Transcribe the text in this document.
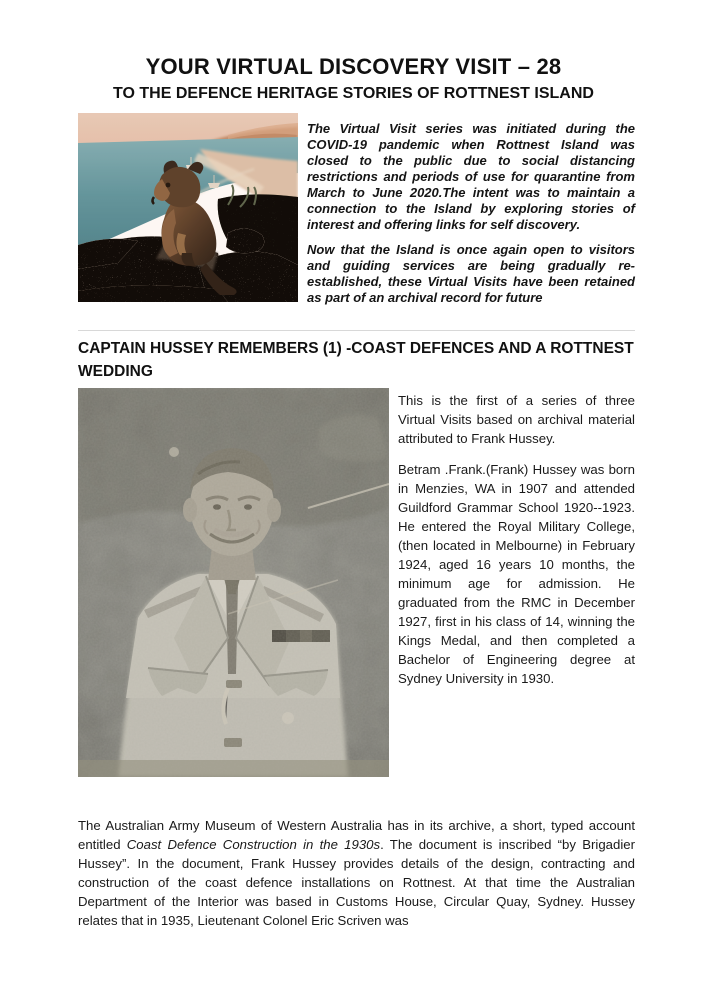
YOUR VIRTUAL DISCOVERY VISIT – 28
TO THE DEFENCE HERITAGE STORIES OF ROTTNEST ISLAND

The Virtual Visit series was initiated during the COVID-19 pandemic when Rottnest Island was closed to the public due to social distancing restrictions and periods of use for quarantine from March to June 2020.The intent was to maintain a connection to the Island by exploring stories of interest and offering links for self discovery.

Now that the Island is once again open to visitors and guiding services are being gradually re-established, these Virtual Visits have been retained as part of an archival record for future

CAPTAIN HUSSEY REMEMBERS (1) -COAST DEFENCES AND A ROTTNEST WEDDING

This is the first of a series of three Virtual Visits based on archival material attributed to Frank Hussey.

Betram .Frank.(Frank) Hussey was born in Menzies, WA in 1907 and attended Guildford Grammar School 1920--1923. He entered the Royal Military College, (then located in Melbourne) in February 1924, aged 16 years 10 months, the minimum age for admission. He graduated from the RMC in December 1927, first in his class of 14, winning the Kings Medal, and then completed a Bachelor of Engineering degree at Sydney University in 1930.

The Australian Army Museum of Western Australia has in its archive, a short, typed account entitled Coast Defence Construction in the 1930s. The document is inscribed “by Brigadier Hussey”. In the document, Frank Hussey provides details of the design, contracting and construction of the coast defence installations on Rottnest. At that time the Australian Department of the Interior was based in Customs House, Circular Quay, Sydney. Hussey relates that in 1935, Lieutenant Colonel Eric Scriven was
